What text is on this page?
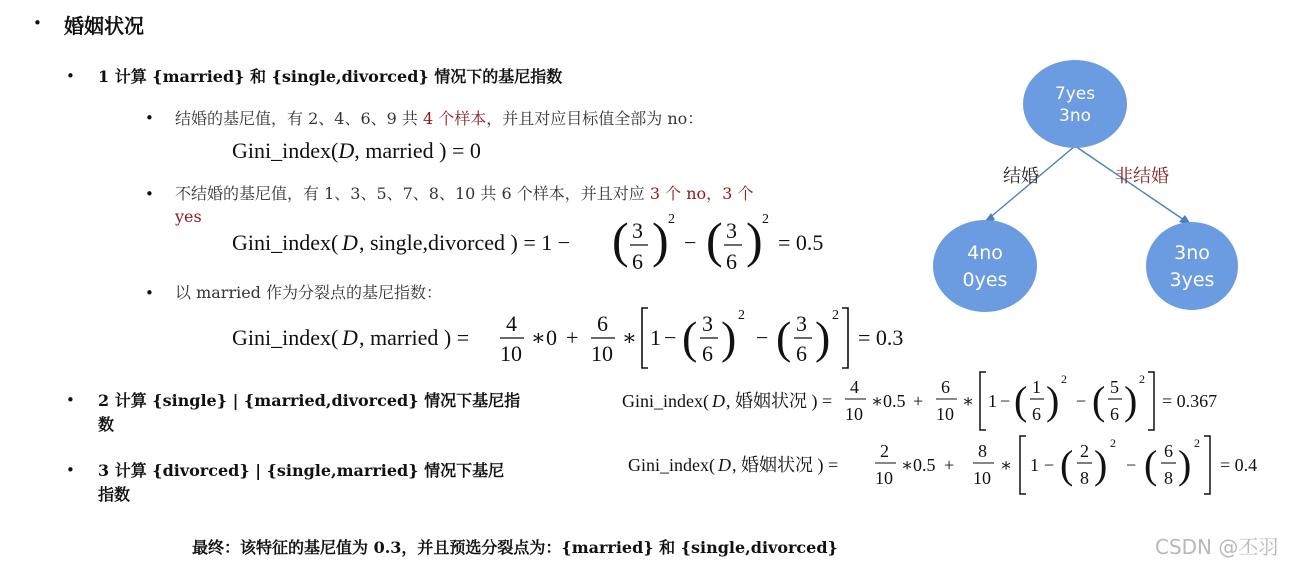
• 婚姻状况
• 1 计算 {married} 和 {single,divorced} 情况下的基尼指数
• 结婚的基尼值，有 2、4、6、9 共 4 个样本，并且对应目标值全部为 no：
Gini_index(D, married ) = 0
• 不结婚的基尼值，有 1、3、5、7、8、10 共 6 个样本，并且对应 3 个 no，3 个
yes
Gini_index( D , single,divorced ) = 1 − ( 3
6 ) 2
− ( 3
6 ) 2
= 0.5
• 以 married 作为分裂点的基尼指数：
Gini_index( D , married ) =
4
10
∗ 0 +
6
10
∗ 1 − ( 3
6 ) 2
− ( 3
6 ) 2
= 0.3
• 2 计算 {single} | {married,divorced} 情况下基尼指
数
Gini_index( D , 婚姻状况 ) =
4
10
∗ 0.5 +
6
10
∗ 1 − ( 1
6 ) 2
− ( 5
6 ) 2
= 0.367
• 3 计算 {divorced} | {single,married} 情况下基尼
指数
Gini_index( D , 婚姻状况 ) =
2
10
∗ 0.5 +
8
10
∗ 1 − ( 2
8 ) 2
− ( 6
8 ) 2
= 0.4
最终：该特征的基尼值为 0.3，并且预选分裂点为：{married} 和 {single,divorced}
7yes
3no
结婚	非结婚
4no
0yes
3no
3yes
CSDN @丕羽
